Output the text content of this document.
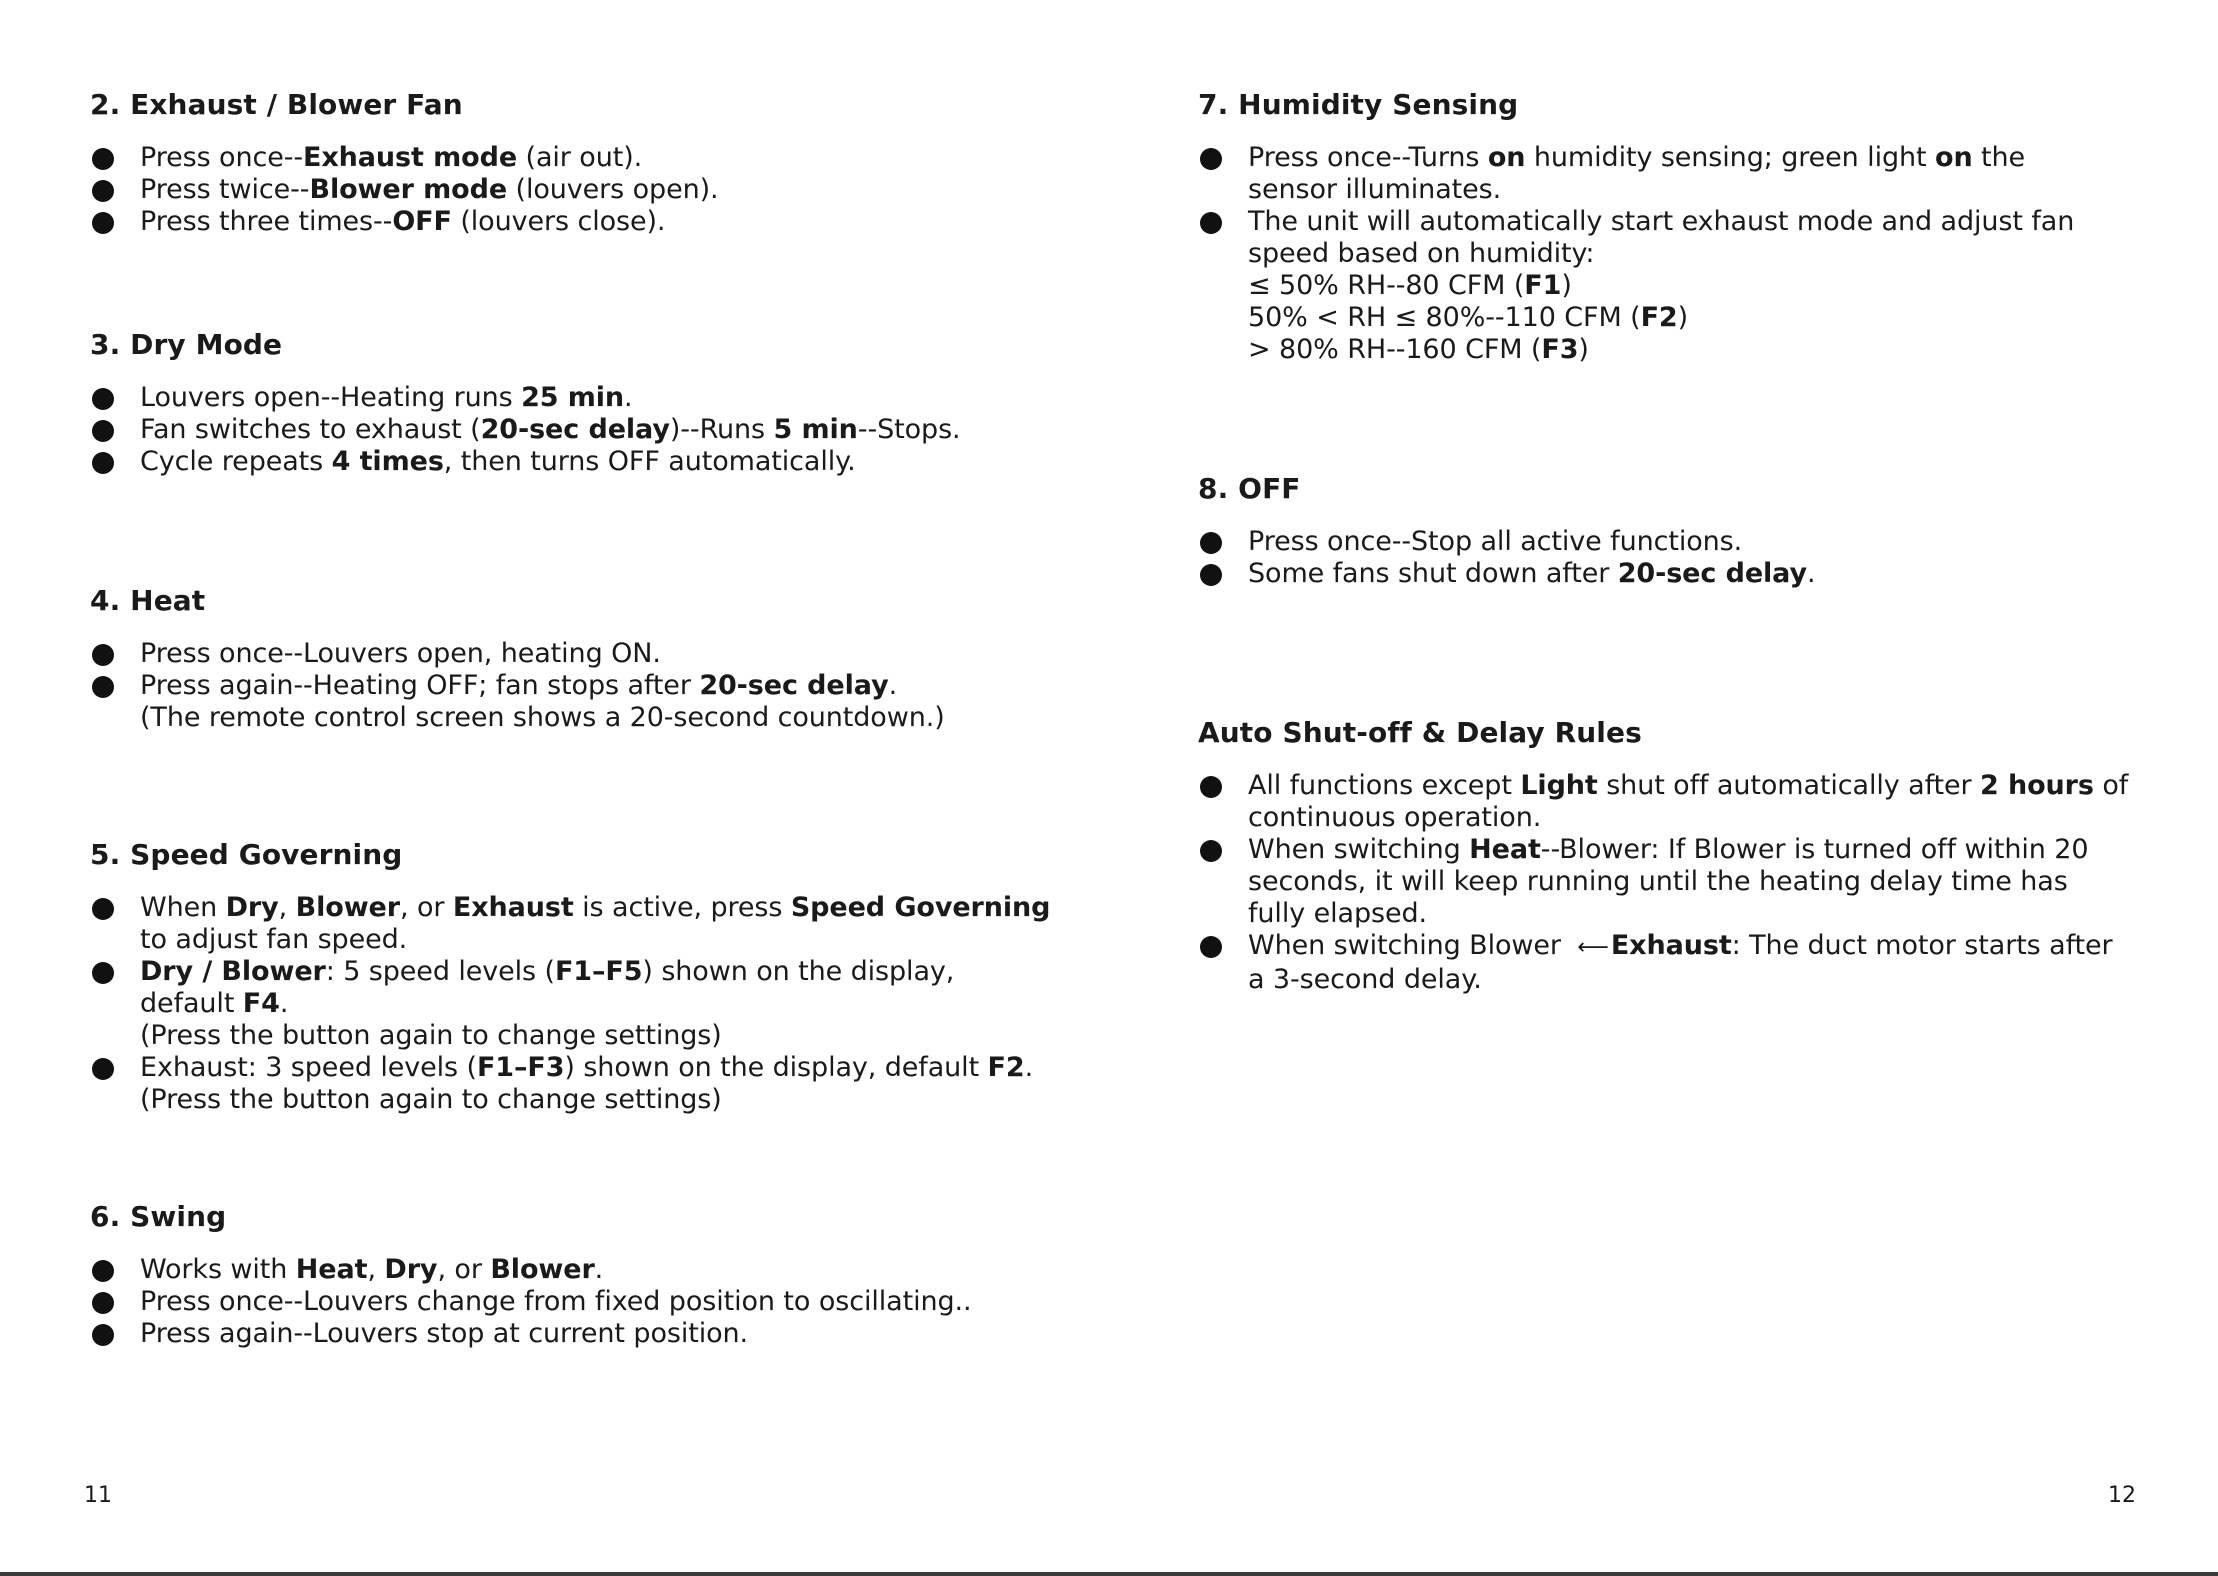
2. Exhaust / Blower Fan
Press once--Exhaust mode (air out).
Press twice--Blower mode (louvers open).
Press three times--OFF (louvers close).
3. Dry Mode
Louvers open--Heating runs 25 min.
Fan switches to exhaust (20-sec delay)--Runs 5 min--Stops.
Cycle repeats 4 times, then turns OFF automatically.
4. Heat
Press once--Louvers open, heating ON.
Press again--Heating OFF; fan stops after 20-sec delay.
(The remote control screen shows a 20-second countdown.)
5. Speed Governing
When Dry, Blower, or Exhaust is active, press Speed Governing
to adjust fan speed.
Dry / Blower: 5 speed levels (F1–F5) shown on the display,
default F4.
(Press the button again to change settings)
Exhaust: 3 speed levels (F1–F3) shown on the display, default F2.
(Press the button again to change settings)
6. Swing
Works with Heat, Dry, or Blower.
Press once--Louvers change from fixed position to oscillating..
Press again--Louvers stop at current position.
11
7. Humidity Sensing
Press once--Turns on humidity sensing; green light on the
sensor illuminates.
The unit will automatically start exhaust mode and adjust fan
speed based on humidity:
≤ 50% RH--80 CFM (F1)
50% < RH ≤ 80%--110 CFM (F2)
> 80% RH--160 CFM (F3)
8. OFF
Press once--Stop all active functions.
Some fans shut down after 20-sec delay.
Auto Shut-off & Delay Rules
All functions except Light shut off automatically after 2 hours of
continuous operation.
When switching Heat--Blower: If Blower is turned off within 20
seconds, it will keep running until the heating delay time has
fully elapsed.
When switching Blower ⟵Exhaust: The duct motor starts after
a 3-second delay.
12
